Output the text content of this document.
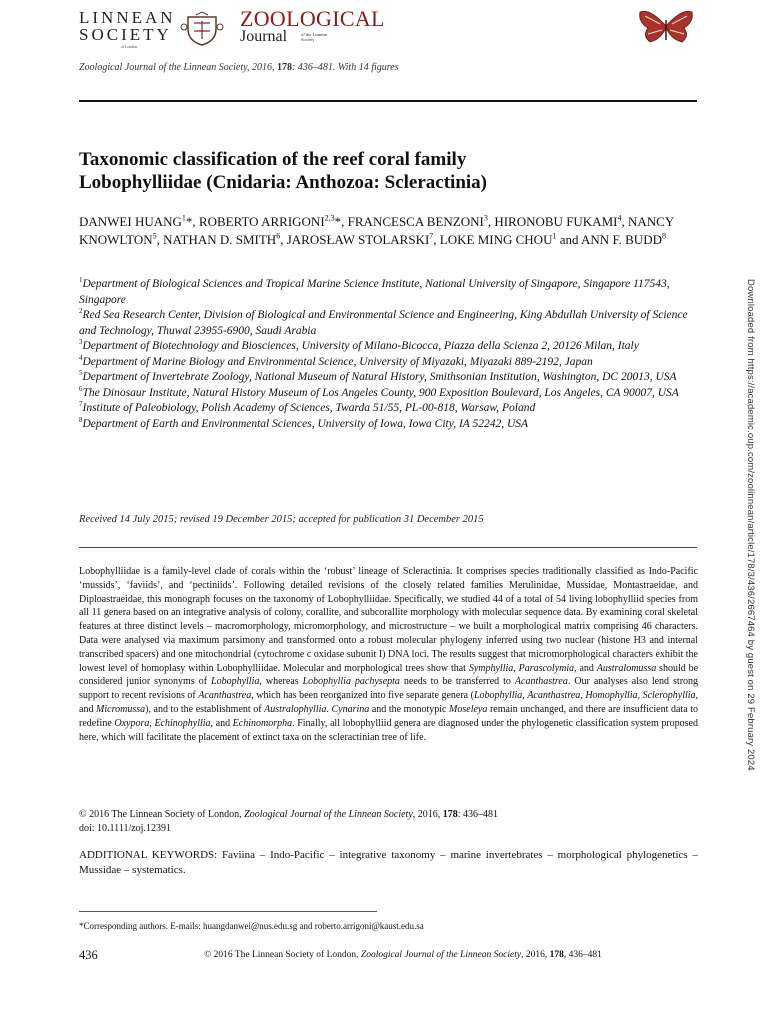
LINNEAN
SOCIETY
of London
ZOOLOGICAL
Journal	of the Linnean Society
Zoological Journal of the Linnean Society, 2016, 178: 436–481. With 14 figures
Taxonomic classification of the reef coral family
Lobophylliidae (Cnidaria: Anthozoa: Scleractinia)
DANWEI HUANG$^1$*, ROBERTO ARRIGONI$^{2,3}$*, FRANCESCA BENZONI$^3$, HIRONOBU FUKAMI$^4$, NANCY KNOWLTON$^5$, NATHAN D. SMITH$^6$, JAROSŁAW STOLARSKI$^7$, LOKE MING CHOU$^1$ and ANN F. BUDD$^8$
$^1$Department of Biological Sciences and Tropical Marine Science Institute, National University of Singapore, Singapore 117543, Singapore
$^2$Red Sea Research Center, Division of Biological and Environmental Science and Engineering, King Abdullah University of Science and Technology, Thuwal 23955-6900, Saudi Arabia
$^3$Department of Biotechnology and Biosciences, University of Milano-Bicocca, Piazza della Scienza 2, 20126 Milan, Italy
$^4$Department of Marine Biology and Environmental Science, University of Miyazaki, Miyazaki 889-2192, Japan
$^5$Department of Invertebrate Zoology, National Museum of Natural History, Smithsonian Institution, Washington, DC 20013, USA
$^6$The Dinosaur Institute, Natural History Museum of Los Angeles County, 900 Exposition Boulevard, Los Angeles, CA 90007, USA
$^7$Institute of Paleobiology, Polish Academy of Sciences, Twarda 51/55, PL-00-818, Warsaw, Poland
$^8$Department of Earth and Environmental Sciences, University of Iowa, Iowa City, IA 52242, USA
Received 14 July 2015; revised 19 December 2015; accepted for publication 31 December 2015
Lobophylliidae is a family-level clade of corals within the ‘robust’ lineage of Scleractinia. It comprises species traditionally classified as Indo-Pacific ‘mussids’, ‘faviids’, and ‘pectiniids’. Following detailed revisions of the closely related families Merulinidae, Mussidae, Montastraeidae, and Diploastraeidae, this monograph focuses on the taxonomy of Lobophylliidae. Specifically, we studied 44 of a total of 54 living lobophylliid species from all 11 genera based on an integrative analysis of colony, corallite, and subcorallite morphology with molecular sequence data. By examining coral skeletal features at three distinct levels – macromorphology, micromorphology, and microstructure – we built a morphological matrix comprising 46 characters. Data were analysed via maximum parsimony and transformed onto a robust molecular phylogeny inferred using two nuclear (histone H3 and internal transcribed spacers) and one mitochondrial (cytochrome c oxidase subunit I) DNA loci. The results suggest that micromorphological characters exhibit the lowest level of homoplasy within Lobophylliidae. Molecular and morphological trees show that Symphyllia, Parascolymia, and Australomussa should be considered junior synonyms of Lobophyllia, whereas Lobophyllia pachysepta needs to be transferred to Acanthastrea. Our analyses also lend strong support to recent revisions of Acanthastrea, which has been reorganized into five separate genera (Lobophyllia, Acanthastrea, Homophyllia, Sclerophyllia, and Micromussa), and to the establishment of Australophyllia. Cynarina and the monotypic Moseleya remain unchanged, and there are insufficient data to redefine Oxypora, Echinophyllia, and Echinomorpha. Finally, all lobophylliid genera are diagnosed under the phylogenetic classification system proposed here, which will facilitate the placement of extinct taxa on the scleractinian tree of life.
© 2016 The Linnean Society of London, Zoological Journal of the Linnean Society, 2016, 178: 436–481
doi: 10.1111/zoj.12391
ADDITIONAL KEYWORDS: Faviina – Indo-Pacific – integrative taxonomy – marine invertebrates – morphological phylogenetics – Mussidae – systematics.
*Corresponding authors. E-mails: huangdanwei@nus.edu.sg and roberto.arrigoni@kaust.edu.sa
436	© 2016 The Linnean Society of London, Zoological Journal of the Linnean Society, 2016, 178, 436–481
Downloaded from https://academic.oup.com/zoolinnean/article/178/3/436/2667464 by guest on 29 February 2024
